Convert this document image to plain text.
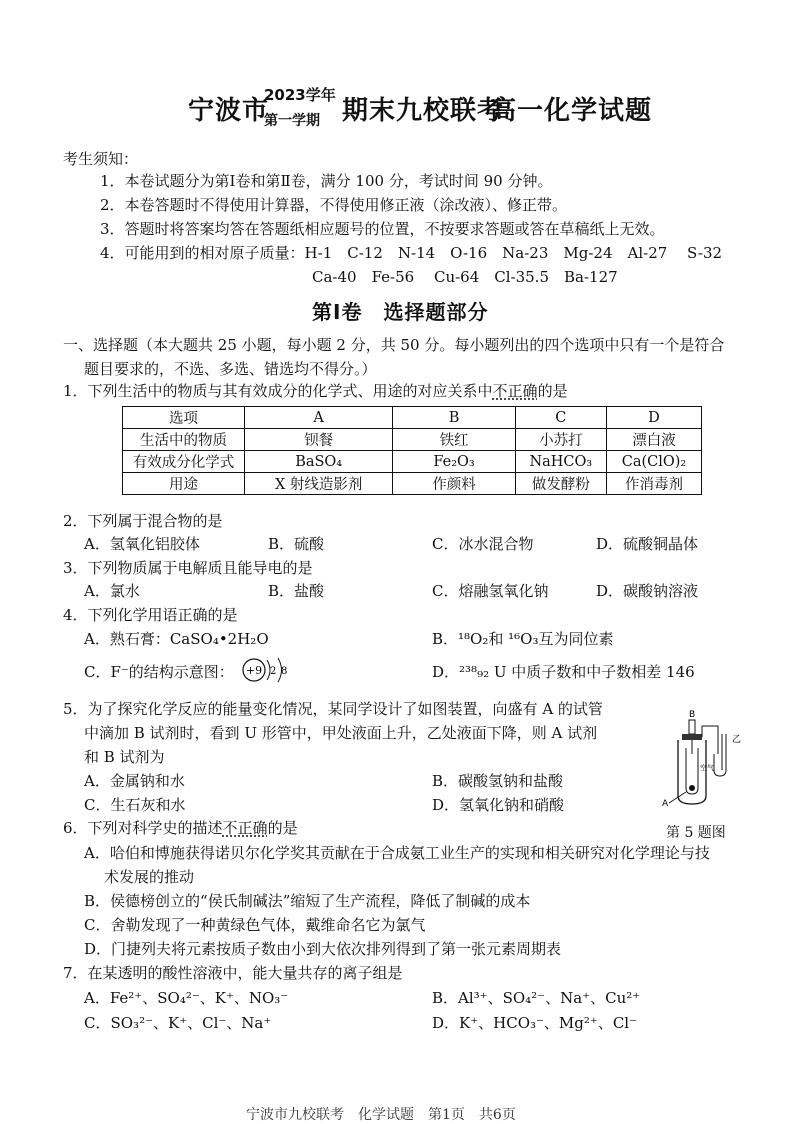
宁波市
2023学年
第一学期 期末九校联考
高一化学试题
考生须知：
1．本卷试题分为第Ⅰ卷和第Ⅱ卷，满分 100 分，考试时间 90 分钟。
2．本卷答题时不得使用计算器，不得使用修正液（涂改液）、修正带。
3．答题时将答案均答在答题纸相应题号的位置，不按要求答题或答在草稿纸上无效。
4．可能用到的相对原子质量：H-1　C-12　N-14　O-16　Na-23　Mg-24　Al-27　 S-32
Ca-40　Fe-56　 Cu-64　Cl-35.5　Ba-127
第Ⅰ卷　选择题部分
一、选择题（本大题共 25 小题，每小题 2 分，共 50 分。每小题列出的四个选项中只有一个是符合
题目要求的，不选、多选、错选均不得分。）
1．下列生活中的物质与其有效成分的化学式、用途的对应关系中不正确的是
选项	A	B	C	D
生活中的物质	钡餐	铁红	小苏打	漂白液
有效成分化学式	BaSO₄	Fe₂O₃	NaHCO₃	Ca(ClO)₂
用途	X 射线造影剂	作颜料	做发酵粉	作消毒剂
2．下列属于混合物的是
A．氢氧化铝胶体	B．硫酸	C．冰水混合物	D．硫酸铜晶体
3．下列物质属于电解质且能导电的是
A．氯水	B．盐酸	C．熔融氢氧化钠	D．碳酸钠溶液
4．下列化学用语正确的是
A．熟石膏：CaSO₄•2H₂O	B．¹⁸O₂和 ¹⁶O₃互为同位素
C．F⁻的结构示意图： +9 2 8	D．²³⁸₉₂ U 中质子数和中子数相差 146
5．为了探究化学反应的能量变化情况，某同学设计了如图装置，向盛有 A 的试管
中滴加 B 试剂时，看到 U 形管中，甲处液面上升，乙处液面下降，则 A 试剂
和 B 试剂为
A．金属钠和水	B．碳酸氢钠和盐酸
C．生石灰和水	D．氢氧化钠和硝酸
B
空气
A
乙
第 5 题图
6．下列对科学史的描述不正确的是
A．哈伯和博施获得诺贝尔化学奖其贡献在于合成氨工业生产的实现和相关研究对化学理论与技
术发展的推动
B．侯德榜创立的“侯氏制碱法”缩短了生产流程，降低了制碱的成本
C．舍勒发现了一种黄绿色气体，戴维命名它为氯气
D．门捷列夫将元素按质子数由小到大依次排列得到了第一张元素周期表
7．在某透明的酸性溶液中，能大量共存的离子组是
A．Fe²⁺、SO₄²⁻、K⁺、NO₃⁻	B．Al³⁺、SO₄²⁻、Na⁺、Cu²⁺
C．SO₃²⁻、K⁺、Cl⁻、Na⁺	D．K⁺、HCO₃⁻、Mg²⁺、Cl⁻
宁波市九校联考　化学试题　第1页　共6页
